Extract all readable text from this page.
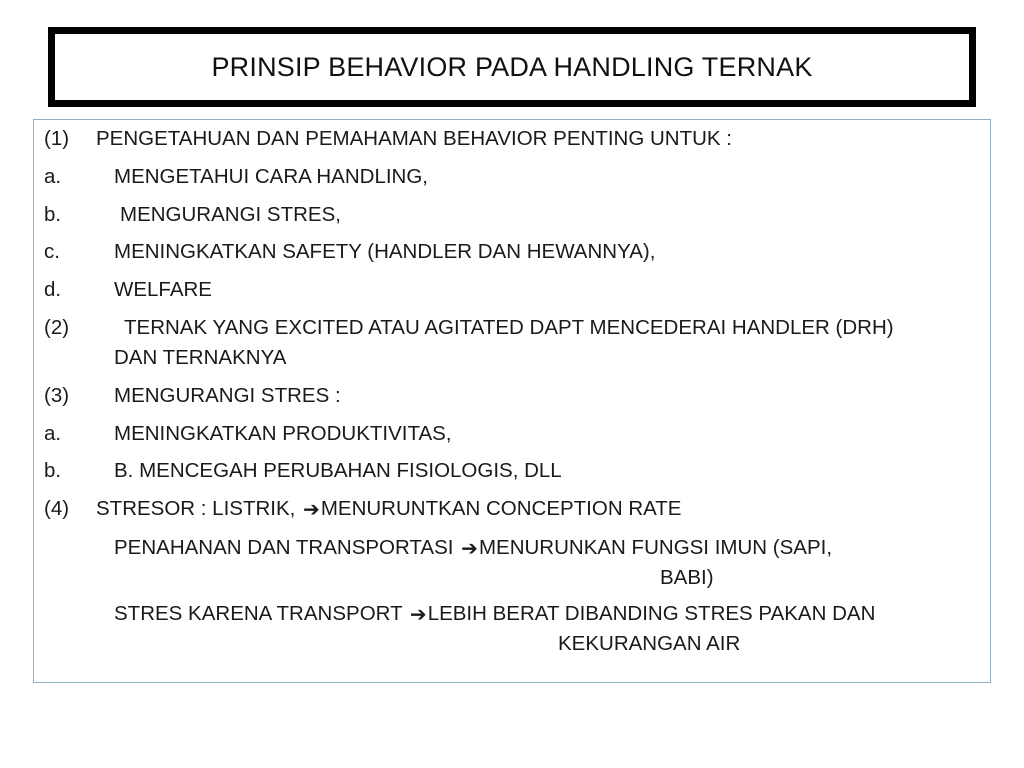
PRINSIP BEHAVIOR PADA HANDLING TERNAK
(1) PENGETAHUAN DAN PEMAHAMAN BEHAVIOR PENTING UNTUK :
a.	MENGETAHUI CARA HANDLING,
b.	MENGURANGI STRES,
c.	MENINGKATKAN SAFETY (HANDLER DAN HEWANNYA),
d.	WELFARE
(2)	TERNAK YANG EXCITED ATAU AGITATED DAPT MENCEDERAI HANDLER (DRH)
DAN TERNAKNYA
(3) MENGURANGI STRES :
a.	MENINGKATKAN PRODUKTIVITAS,
b.	B. MENCEGAH PERUBAHAN FISIOLOGIS, DLL
(4) STRESOR : LISTRIK, ➔MENURUNTKAN CONCEPTION RATE
PENAHANAN DAN TRANSPORTASI ➔MENURUNKAN FUNGSI IMUN (SAPI,
BABI)
STRES KARENA TRANSPORT ➔LEBIH BERAT DIBANDING STRES PAKAN DAN
KEKURANGAN AIR
